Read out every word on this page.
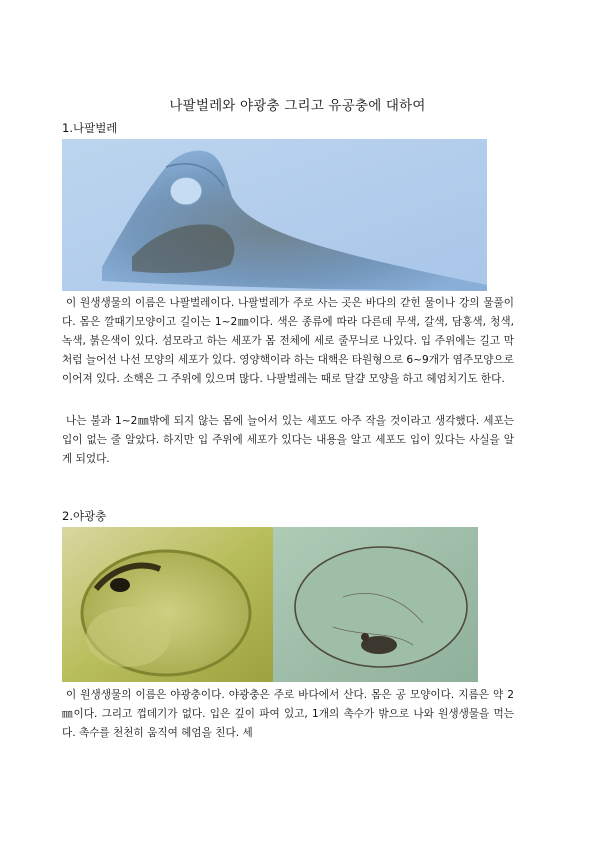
나팔벌레와 야광충 그리고 유공충에 대하여
1.나팔벌레

이 원생생물의 이름은 나팔벌레이다. 나팔벌레가 주로 사는 곳은 바다의 갇힌 물이나 강의 물풀이다. 몸은 깔때기모양이고 길이는 1~2㎜이다. 색은 종류에 따라 다른데 무색, 갈색, 담홍색, 청색, 녹색, 붉은색이 있다. 섬모라고 하는 세포가 몸 전체에 세로 줄무늬로 나있다. 입 주위에는 길고 막처럼 늘어선 나선 모양의 세포가 있다. 영양핵이라 하는 대핵은 타원형으로 6~9개가 염주모양으로 이어져 있다. 소핵은 그 주위에 있으며 많다. 나팔벌레는 때로 달걀 모양을 하고 헤엄치기도 한다.

나는 불과 1~2㎜밖에 되지 않는 몸에 늘어서 있는 세포도 아주 작을 것이라고 생각했다. 세포는 입이 없는 줄 알았다. 하지만 입 주위에 세포가 있다는 내용을 알고 세포도 입이 있다는 사실을 알게 되었다.

2.야광충

이 원생생물의 이름은 야광충이다. 야광충은 주로 바다에서 산다. 몸은 공 모양이다. 지름은 약 2㎜이다. 그리고 껍데기가 없다. 입은 깊이 파여 있고, 1개의 촉수가 밖으로 나와 원생생물을 먹는다. 촉수를 천천히 움직여 헤엄을 친다. 세
